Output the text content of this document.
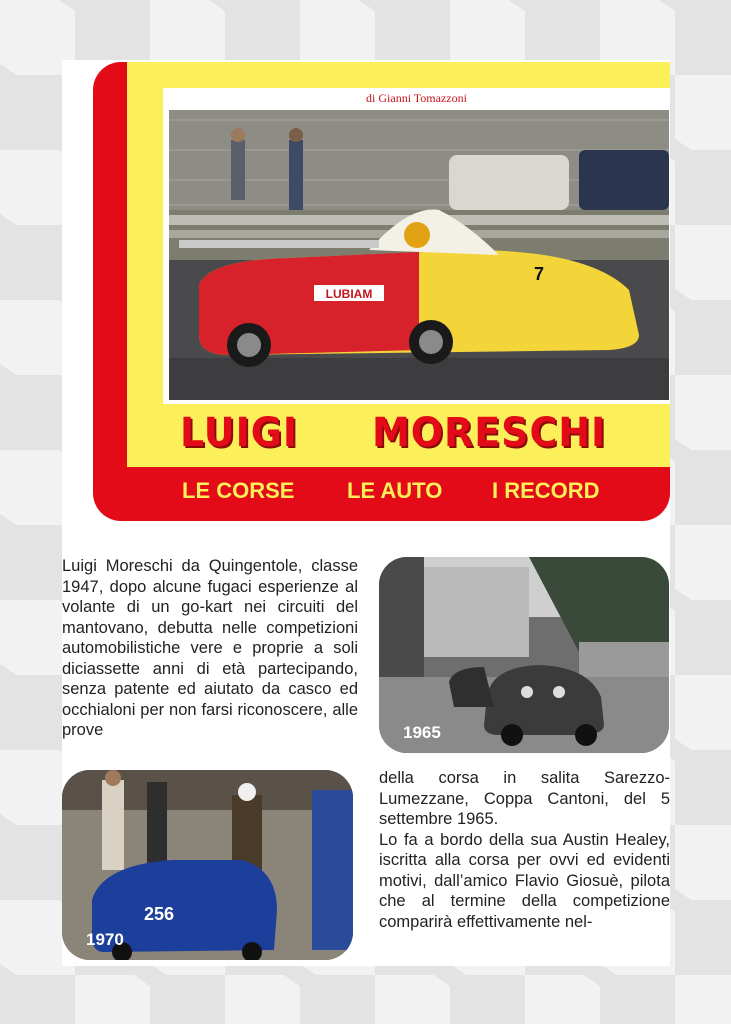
di Gianni Tomazzoni
LUBIAM
7
LUIGI MORESCHI
LE CORSE LE AUTO I RECORD

Luigi Moreschi da Quingentole, classe 1947, dopo alcune fugaci esperienze al volante di un go-kart nei circuiti del mantovano, debutta nelle competizioni automobilistiche vere e proprie a soli diciassette anni di età partecipando, senza patente ed aiutato da casco ed occhialoni per non farsi riconoscere, alle prove	1965
256
1970

della corsa in salita Sarezzo-Lumezzane, Coppa Cantoni, del 5 settembre 1965.

Lo fa a bordo della sua Austin Healey, iscritta alla corsa per ovvi ed evidenti motivi, dall’amico Flavio Giosuè, pilota che al termine della competizione comparirà effettivamente nel-
